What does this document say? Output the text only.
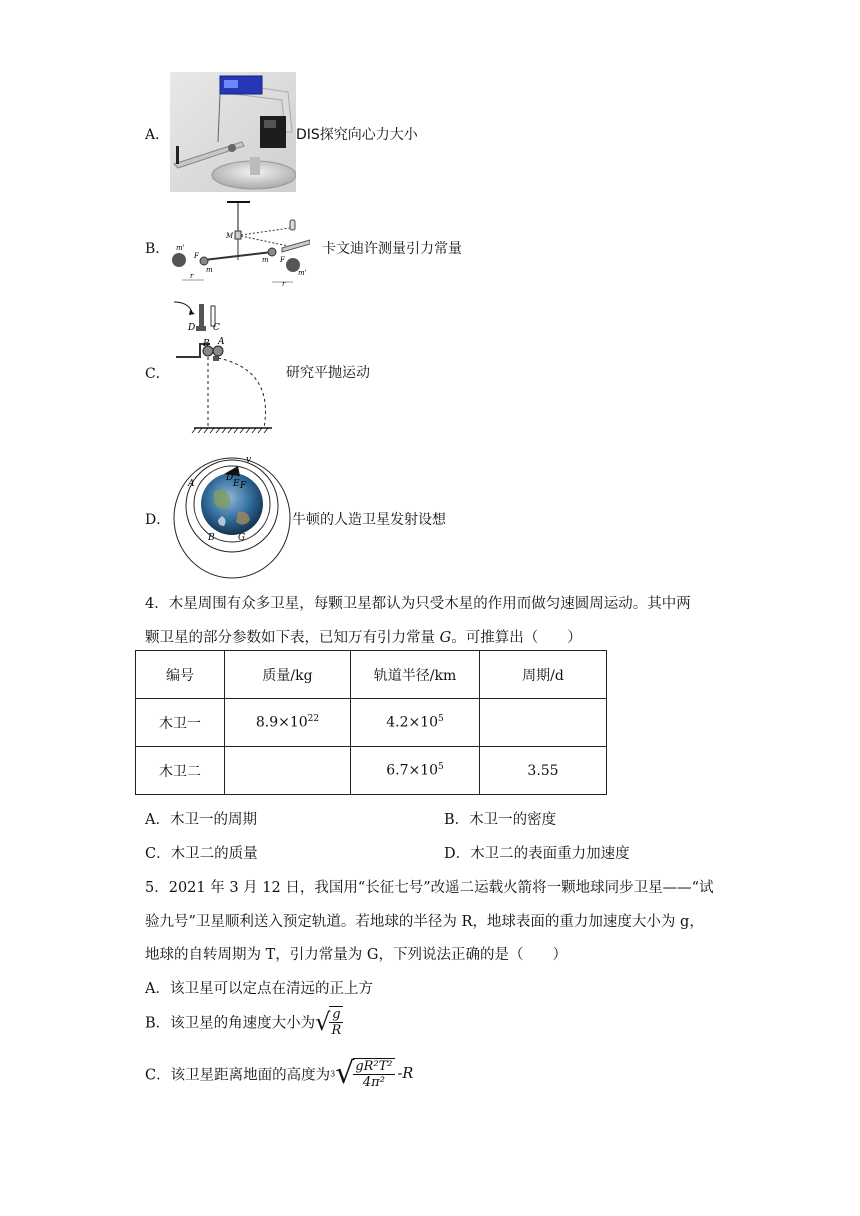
A．	DIS探究向心力大小
B．
M
m'
m
F
r
m F
m'
r
卡文迪许测量引力常量
C．
D C
B A
研究平抛运动
D．
v
D
E F
A
B	G
牛顿的人造卫星发射设想
4．木星周围有众多卫星，每颗卫星都认为只受木星的作用而做匀速圆周运动。其中两
颗卫星的部分参数如下表，已知万有引力常量 G。可推算出（　　）
编号	质量/kg	轨道半径/km	周期/d
木卫一	$8.9\times 10^{22}$	$4.2\times 10^5$	
木卫二		$6.7\times 10^5$	3.55
A．木卫一的周期	B．木卫一的密度
C．木卫二的质量	D．木卫二的表面重力加速度
5．2021 年 3 月 12 日，我国用“长征七号”改遥二运载火箭将一颗地球同步卫星——“试
验九号”卫星顺利送入预定轨道。若地球的半径为 R，地球表面的重力加速度大小为 g，
地球的自转周期为 T，引力常量为 G，下列说法正确的是（　　）
A．该卫星可以定点在清远的正上方
B．该卫星的角速度大小为√ $\frac{g}{R}$
C．该卫星距离地面的高度为$3√ \frac{\text{gR²T²}}{\text{4π²}} -R$
